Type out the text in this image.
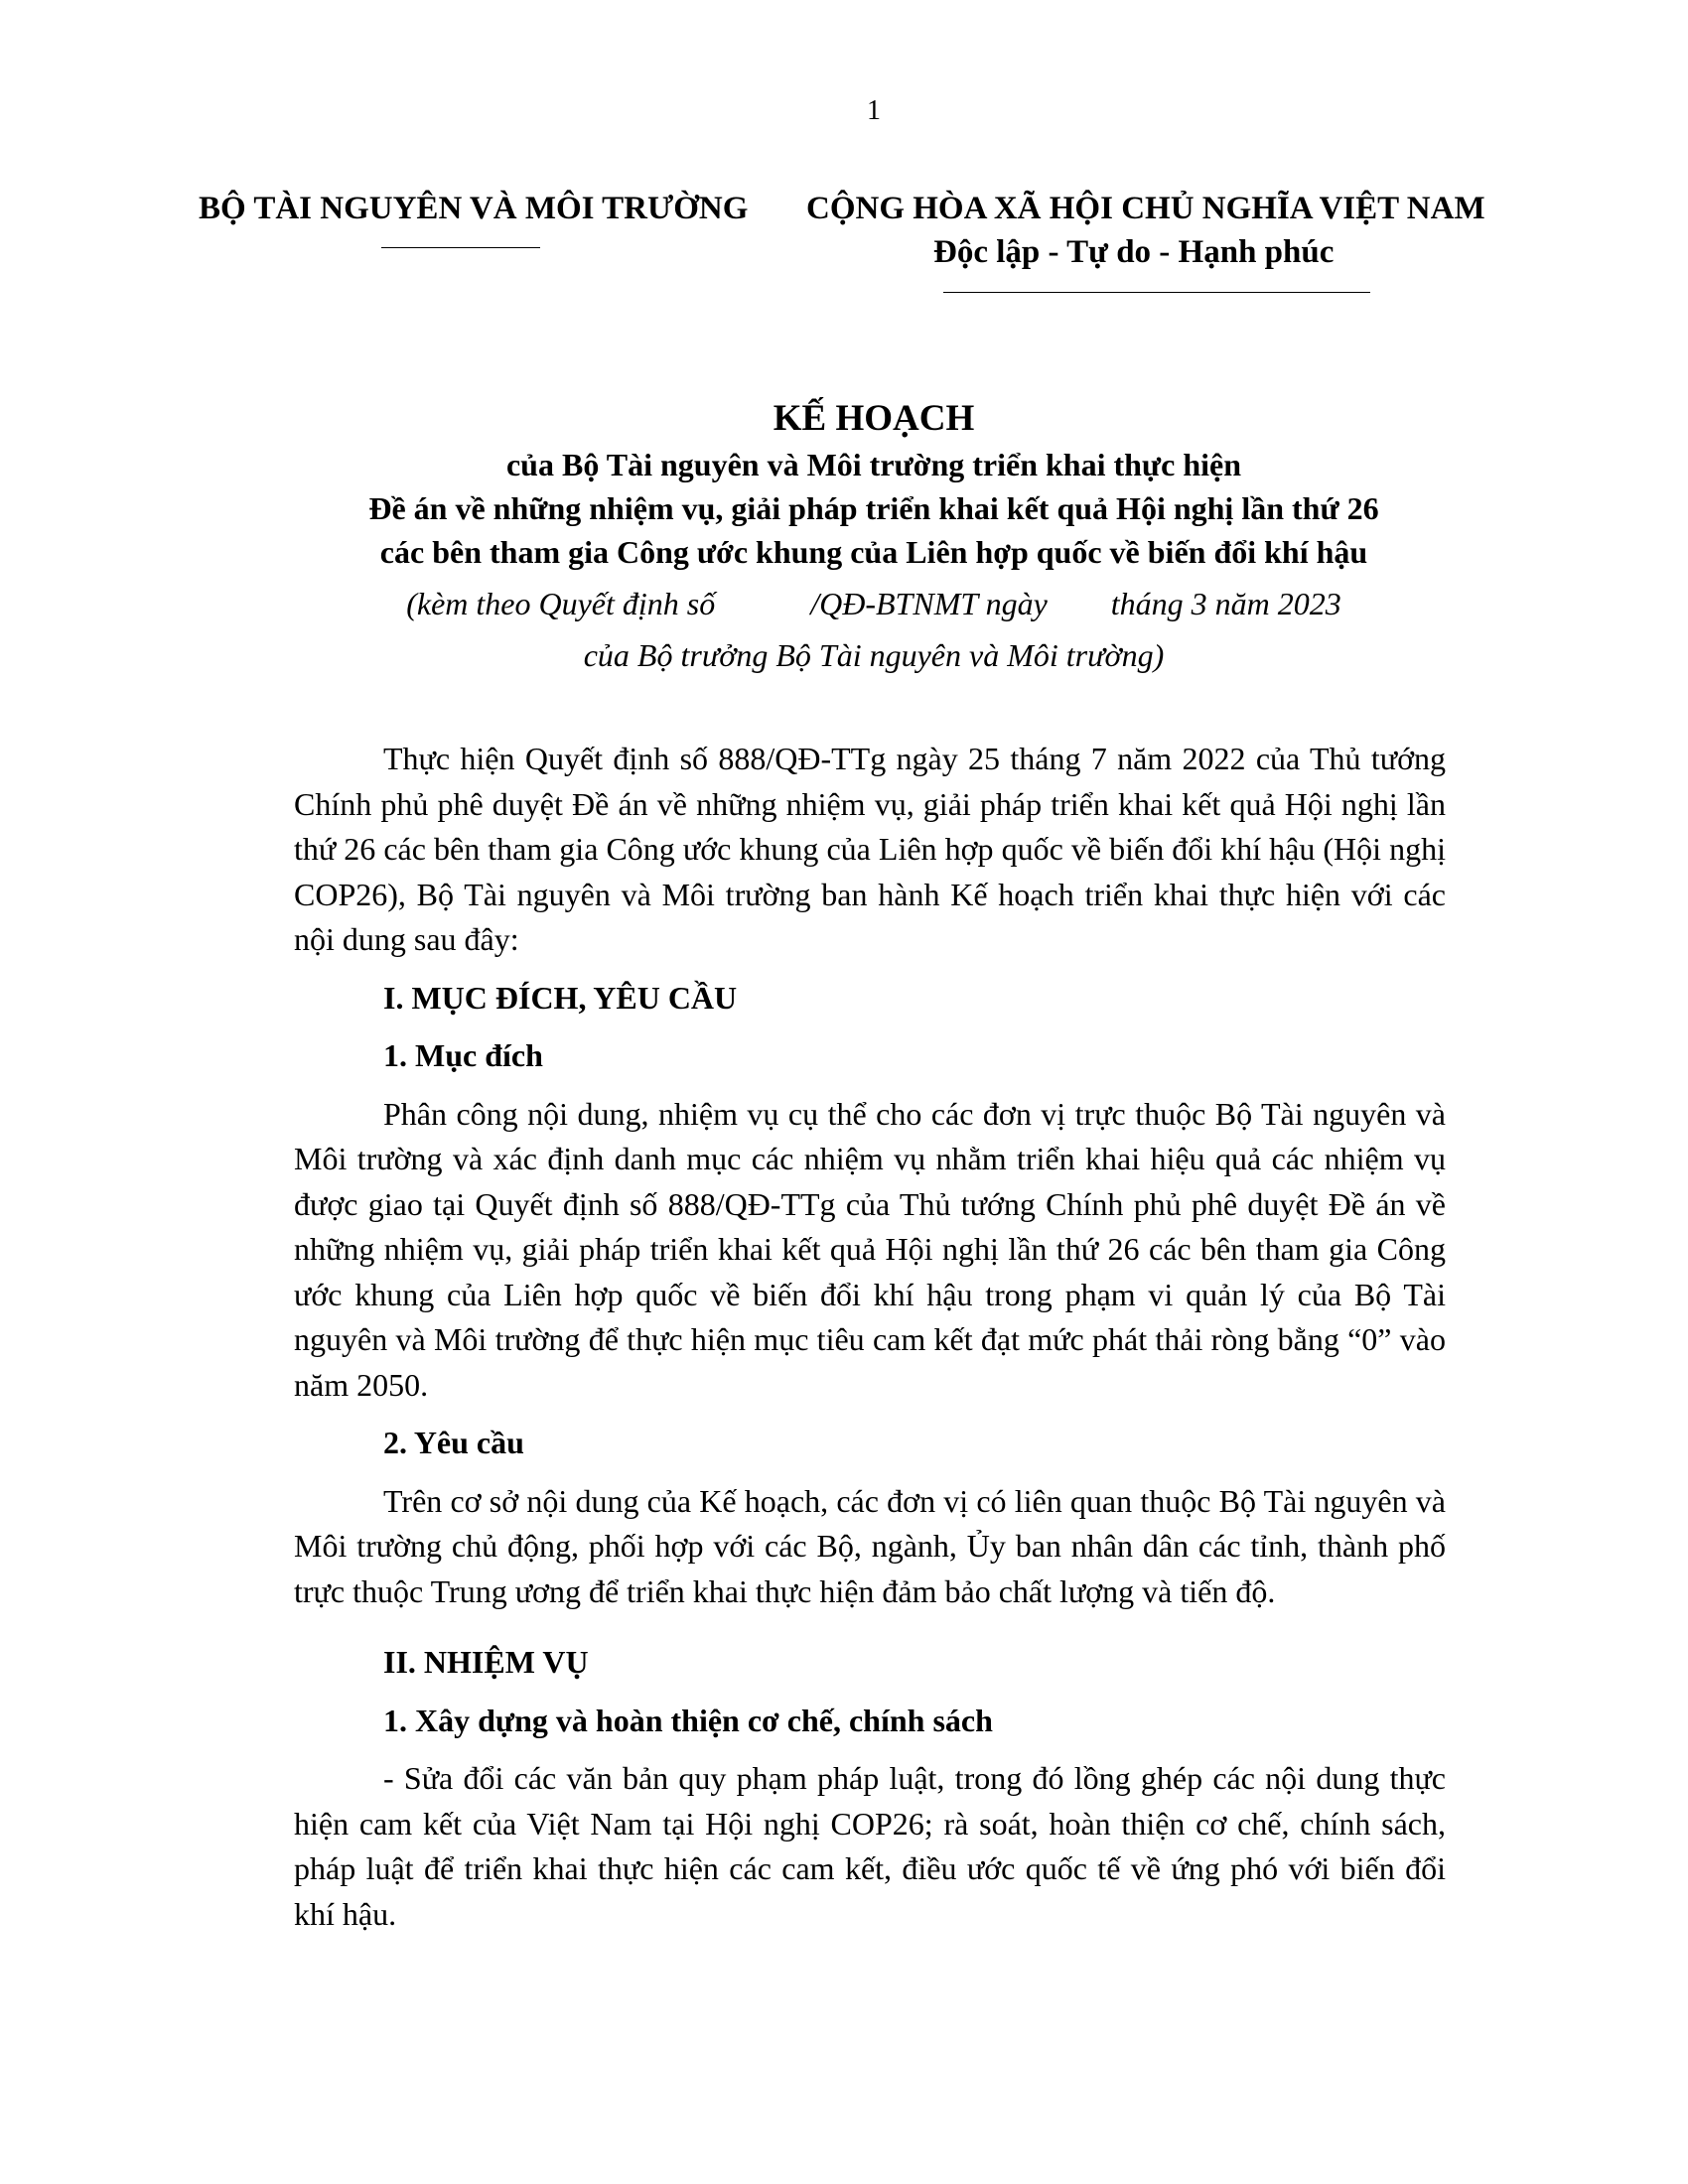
1
BỘ TÀI NGUYÊN VÀ MÔI TRƯỜNG CỘNG HÒA XÃ HỘI CHỦ NGHĨA VIỆT NAM
Độc lập - Tự do - Hạnh phúc
KẾ HOẠCH
của Bộ Tài nguyên và Môi trường triển khai thực hiện
Đề án về những nhiệm vụ, giải pháp triển khai kết quả Hội nghị lần thứ 26
các bên tham gia Công ước khung của Liên hợp quốc về biến đổi khí hậu
(kèm theo Quyết định số            /QĐ-BTNMT ngày        tháng 3 năm 2023
của Bộ trưởng Bộ Tài nguyên và Môi trường)

Thực hiện Quyết định số 888/QĐ-TTg ngày 25 tháng 7 năm 2022 của Thủ tướng Chính phủ phê duyệt Đề án về những nhiệm vụ, giải pháp triển khai kết quả Hội nghị lần thứ 26 các bên tham gia Công ước khung của Liên hợp quốc về biến đổi khí hậu (Hội nghị COP26), Bộ Tài nguyên và Môi trường ban hành Kế hoạch triển khai thực hiện với các nội dung sau đây:

I. MỤC ĐÍCH, YÊU CẦU

1. Mục đích

Phân công nội dung, nhiệm vụ cụ thể cho các đơn vị trực thuộc Bộ Tài nguyên và Môi trường và xác định danh mục các nhiệm vụ nhằm triển khai hiệu quả các nhiệm vụ được giao tại Quyết định số 888/QĐ-TTg của Thủ tướng Chính phủ phê duyệt Đề án về những nhiệm vụ, giải pháp triển khai kết quả Hội nghị lần thứ 26 các bên tham gia Công ước khung của Liên hợp quốc về biến đổi khí hậu trong phạm vi quản lý của Bộ Tài nguyên và Môi trường để thực hiện mục tiêu cam kết đạt mức phát thải ròng bằng “0” vào năm 2050.

2. Yêu cầu

Trên cơ sở nội dung của Kế hoạch, các đơn vị có liên quan thuộc Bộ Tài nguyên và Môi trường chủ động, phối hợp với các Bộ, ngành, Ủy ban nhân dân các tỉnh, thành phố trực thuộc Trung ương để triển khai thực hiện đảm bảo chất lượng và tiến độ.

II. NHIỆM VỤ

1. Xây dựng và hoàn thiện cơ chế, chính sách

- Sửa đổi các văn bản quy phạm pháp luật, trong đó lồng ghép các nội dung thực hiện cam kết của Việt Nam tại Hội nghị COP26; rà soát, hoàn thiện cơ chế, chính sách, pháp luật để triển khai thực hiện các cam kết, điều ước quốc tế về ứng phó với biến đổi khí hậu.
